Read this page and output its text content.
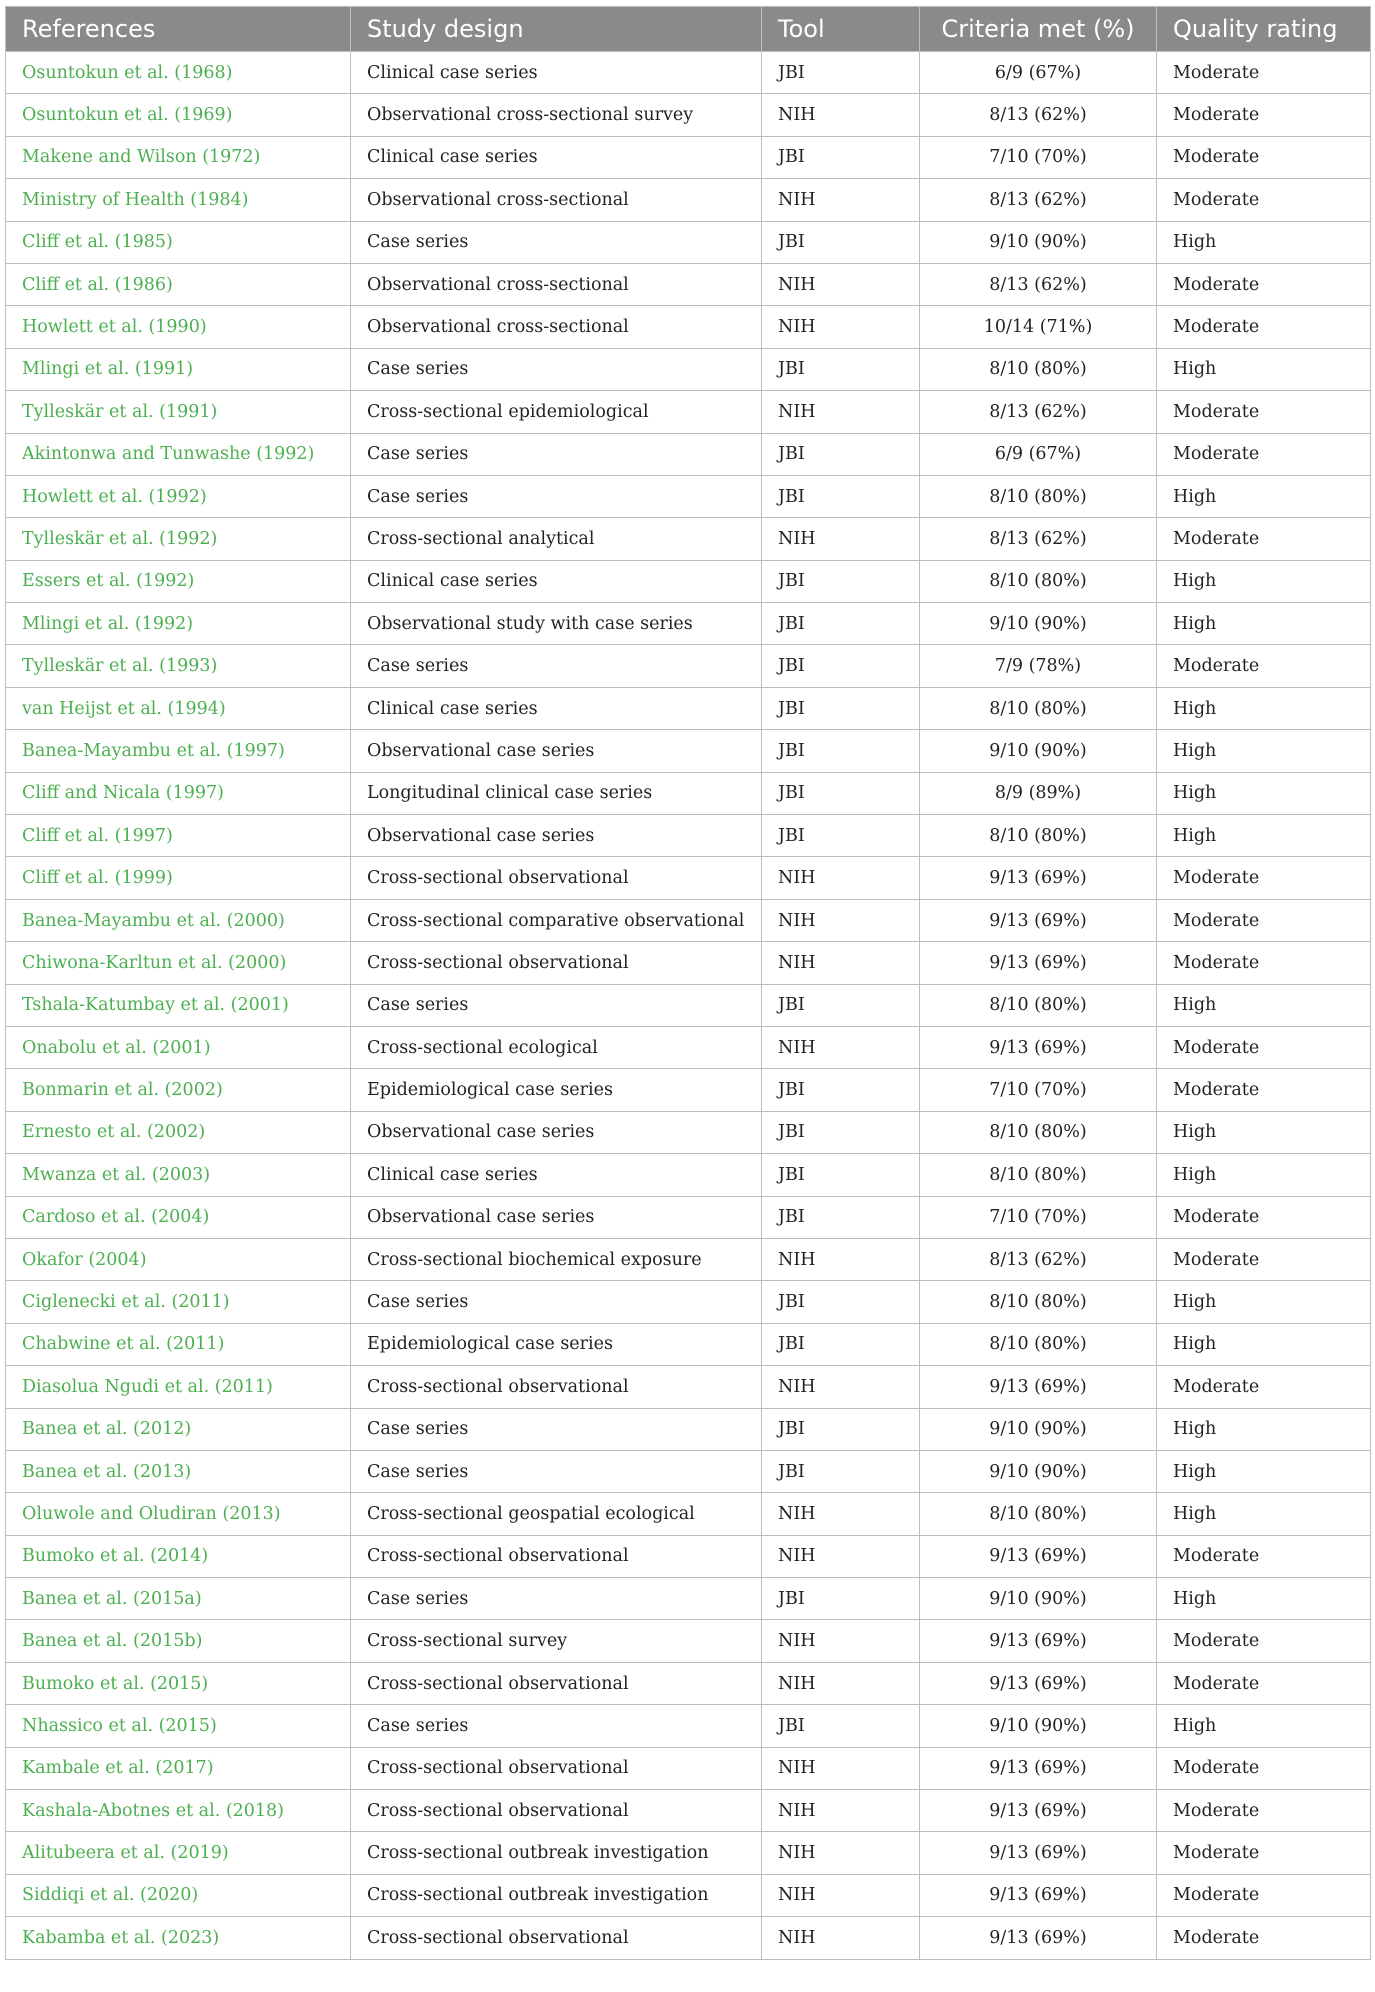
References	Study design	Tool	Criteria met (%)	Quality rating
Osuntokun et al. (1968)	Clinical case series	JBI	6/9 (67%)	Moderate
Osuntokun et al. (1969)	Observational cross-sectional survey	NIH	8/13 (62%)	Moderate
Makene and Wilson (1972)	Clinical case series	JBI	7/10 (70%)	Moderate
Ministry of Health (1984)	Observational cross-sectional	NIH	8/13 (62%)	Moderate
Cliff et al. (1985)	Case series	JBI	9/10 (90%)	High
Cliff et al. (1986)	Observational cross-sectional	NIH	8/13 (62%)	Moderate
Howlett et al. (1990)	Observational cross-sectional	NIH	10/14 (71%)	Moderate
Mlingi et al. (1991)	Case series	JBI	8/10 (80%)	High
Tylleskär et al. (1991)	Cross-sectional epidemiological	NIH	8/13 (62%)	Moderate
Akintonwa and Tunwashe (1992)	Case series	JBI	6/9 (67%)	Moderate
Howlett et al. (1992)	Case series	JBI	8/10 (80%)	High
Tylleskär et al. (1992)	Cross-sectional analytical	NIH	8/13 (62%)	Moderate
Essers et al. (1992)	Clinical case series	JBI	8/10 (80%)	High
Mlingi et al. (1992)	Observational study with case series	JBI	9/10 (90%)	High
Tylleskär et al. (1993)	Case series	JBI	7/9 (78%)	Moderate
van Heijst et al. (1994)	Clinical case series	JBI	8/10 (80%)	High
Banea-Mayambu et al. (1997)	Observational case series	JBI	9/10 (90%)	High
Cliff and Nicala (1997)	Longitudinal clinical case series	JBI	8/9 (89%)	High
Cliff et al. (1997)	Observational case series	JBI	8/10 (80%)	High
Cliff et al. (1999)	Cross-sectional observational	NIH	9/13 (69%)	Moderate
Banea-Mayambu et al. (2000)	Cross-sectional comparative observational	NIH	9/13 (69%)	Moderate
Chiwona-Karltun et al. (2000)	Cross-sectional observational	NIH	9/13 (69%)	Moderate
Tshala-Katumbay et al. (2001)	Case series	JBI	8/10 (80%)	High
Onabolu et al. (2001)	Cross-sectional ecological	NIH	9/13 (69%)	Moderate
Bonmarin et al. (2002)	Epidemiological case series	JBI	7/10 (70%)	Moderate
Ernesto et al. (2002)	Observational case series	JBI	8/10 (80%)	High
Mwanza et al. (2003)	Clinical case series	JBI	8/10 (80%)	High
Cardoso et al. (2004)	Observational case series	JBI	7/10 (70%)	Moderate
Okafor (2004)	Cross-sectional biochemical exposure	NIH	8/13 (62%)	Moderate
Ciglenecki et al. (2011)	Case series	JBI	8/10 (80%)	High
Chabwine et al. (2011)	Epidemiological case series	JBI	8/10 (80%)	High
Diasolua Ngudi et al. (2011)	Cross-sectional observational	NIH	9/13 (69%)	Moderate
Banea et al. (2012)	Case series	JBI	9/10 (90%)	High
Banea et al. (2013)	Case series	JBI	9/10 (90%)	High
Oluwole and Oludiran (2013)	Cross-sectional geospatial ecological	NIH	8/10 (80%)	High
Bumoko et al. (2014)	Cross-sectional observational	NIH	9/13 (69%)	Moderate
Banea et al. (2015a)	Case series	JBI	9/10 (90%)	High
Banea et al. (2015b)	Cross-sectional survey	NIH	9/13 (69%)	Moderate
Bumoko et al. (2015)	Cross-sectional observational	NIH	9/13 (69%)	Moderate
Nhassico et al. (2015)	Case series	JBI	9/10 (90%)	High
Kambale et al. (2017)	Cross-sectional observational	NIH	9/13 (69%)	Moderate
Kashala-Abotnes et al. (2018)	Cross-sectional observational	NIH	9/13 (69%)	Moderate
Alitubeera et al. (2019)	Cross-sectional outbreak investigation	NIH	9/13 (69%)	Moderate
Siddiqi et al. (2020)	Cross-sectional outbreak investigation	NIH	9/13 (69%)	Moderate
Kabamba et al. (2023)	Cross-sectional observational	NIH	9/13 (69%)	Moderate
